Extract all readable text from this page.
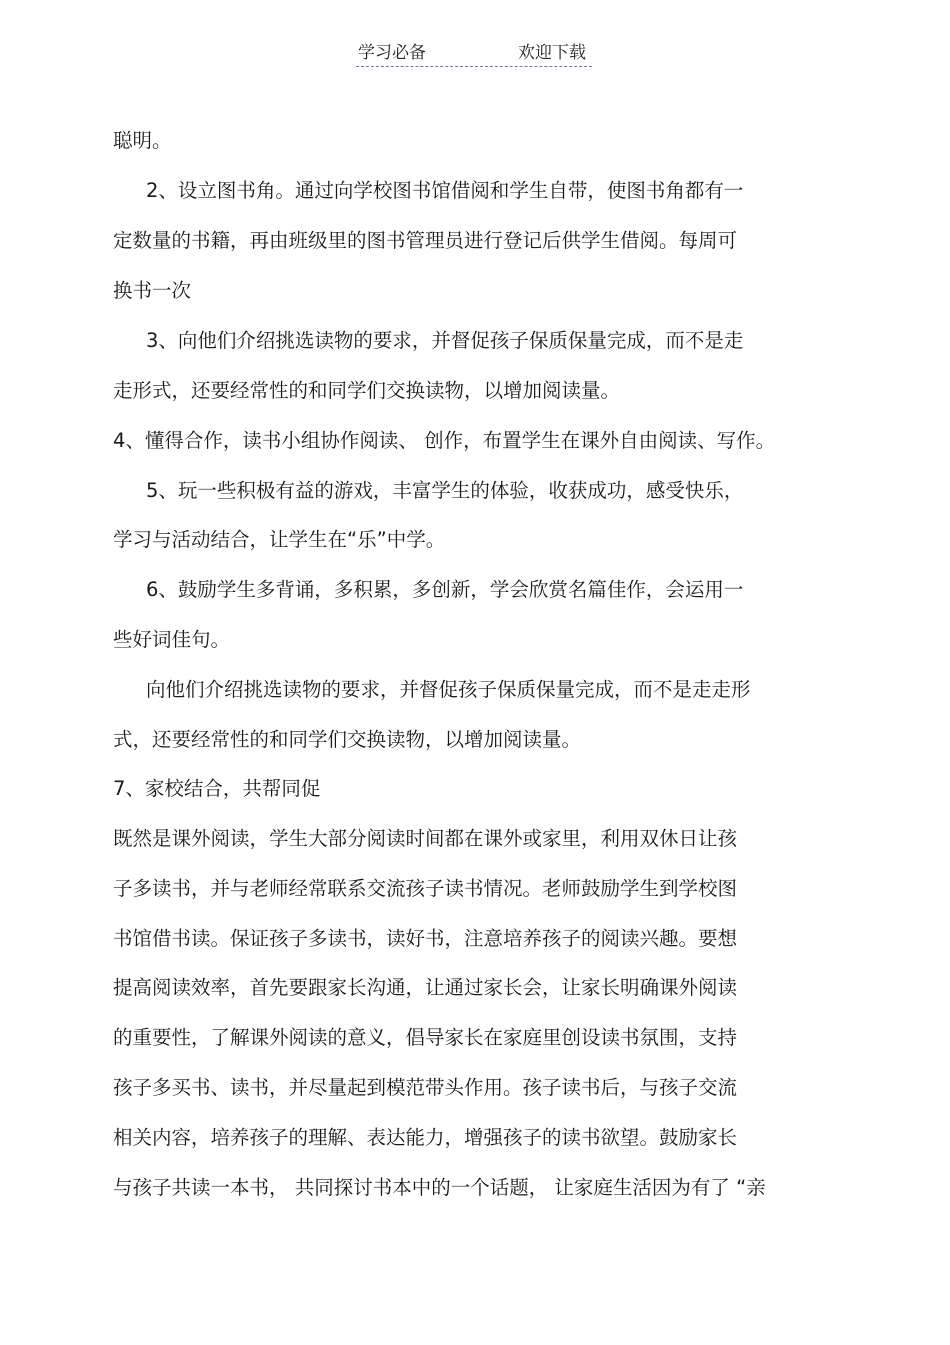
学习必备	欢迎下载
聪明。
2、设立图书角。通过向学校图书馆借阅和学生自带，使图书角都有一
定数量的书籍，再由班级里的图书管理员进行登记后供学生借阅。每周可
换书一次
3、向他们介绍挑选读物的要求，并督促孩子保质保量完成，而不是走
走形式，还要经常性的和同学们交换读物，以增加阅读量。
4、懂得合作，读书小组协作阅读、 创作，布置学生在课外自由阅读、写作。
5、玩一些积极有益的游戏，丰富学生的体验，收获成功，感受快乐，
学习与活动结合，让学生在“乐”中学。
6、鼓励学生多背诵，多积累，多创新，学会欣赏名篇佳作，会运用一
些好词佳句。
向他们介绍挑选读物的要求，并督促孩子保质保量完成，而不是走走形
式，还要经常性的和同学们交换读物，以增加阅读量。
7、家校结合，共帮同促
既然是课外阅读，学生大部分阅读时间都在课外或家里，利用双休日让孩
子多读书，并与老师经常联系交流孩子读书情况。老师鼓励学生到学校图
书馆借书读。保证孩子多读书，读好书，注意培养孩子的阅读兴趣。要想
提高阅读效率，首先要跟家长沟通，让通过家长会，让家长明确课外阅读
的重要性，了解课外阅读的意义，倡导家长在家庭里创设读书氛围，支持
孩子多买书、读书，并尽量起到模范带头作用。孩子读书后，与孩子交流
相关内容，培养孩子的理解、表达能力，增强孩子的读书欲望。鼓励家长
与孩子共读一本书， 共同探讨书本中的一个话题， 让家庭生活因为有了 “亲
